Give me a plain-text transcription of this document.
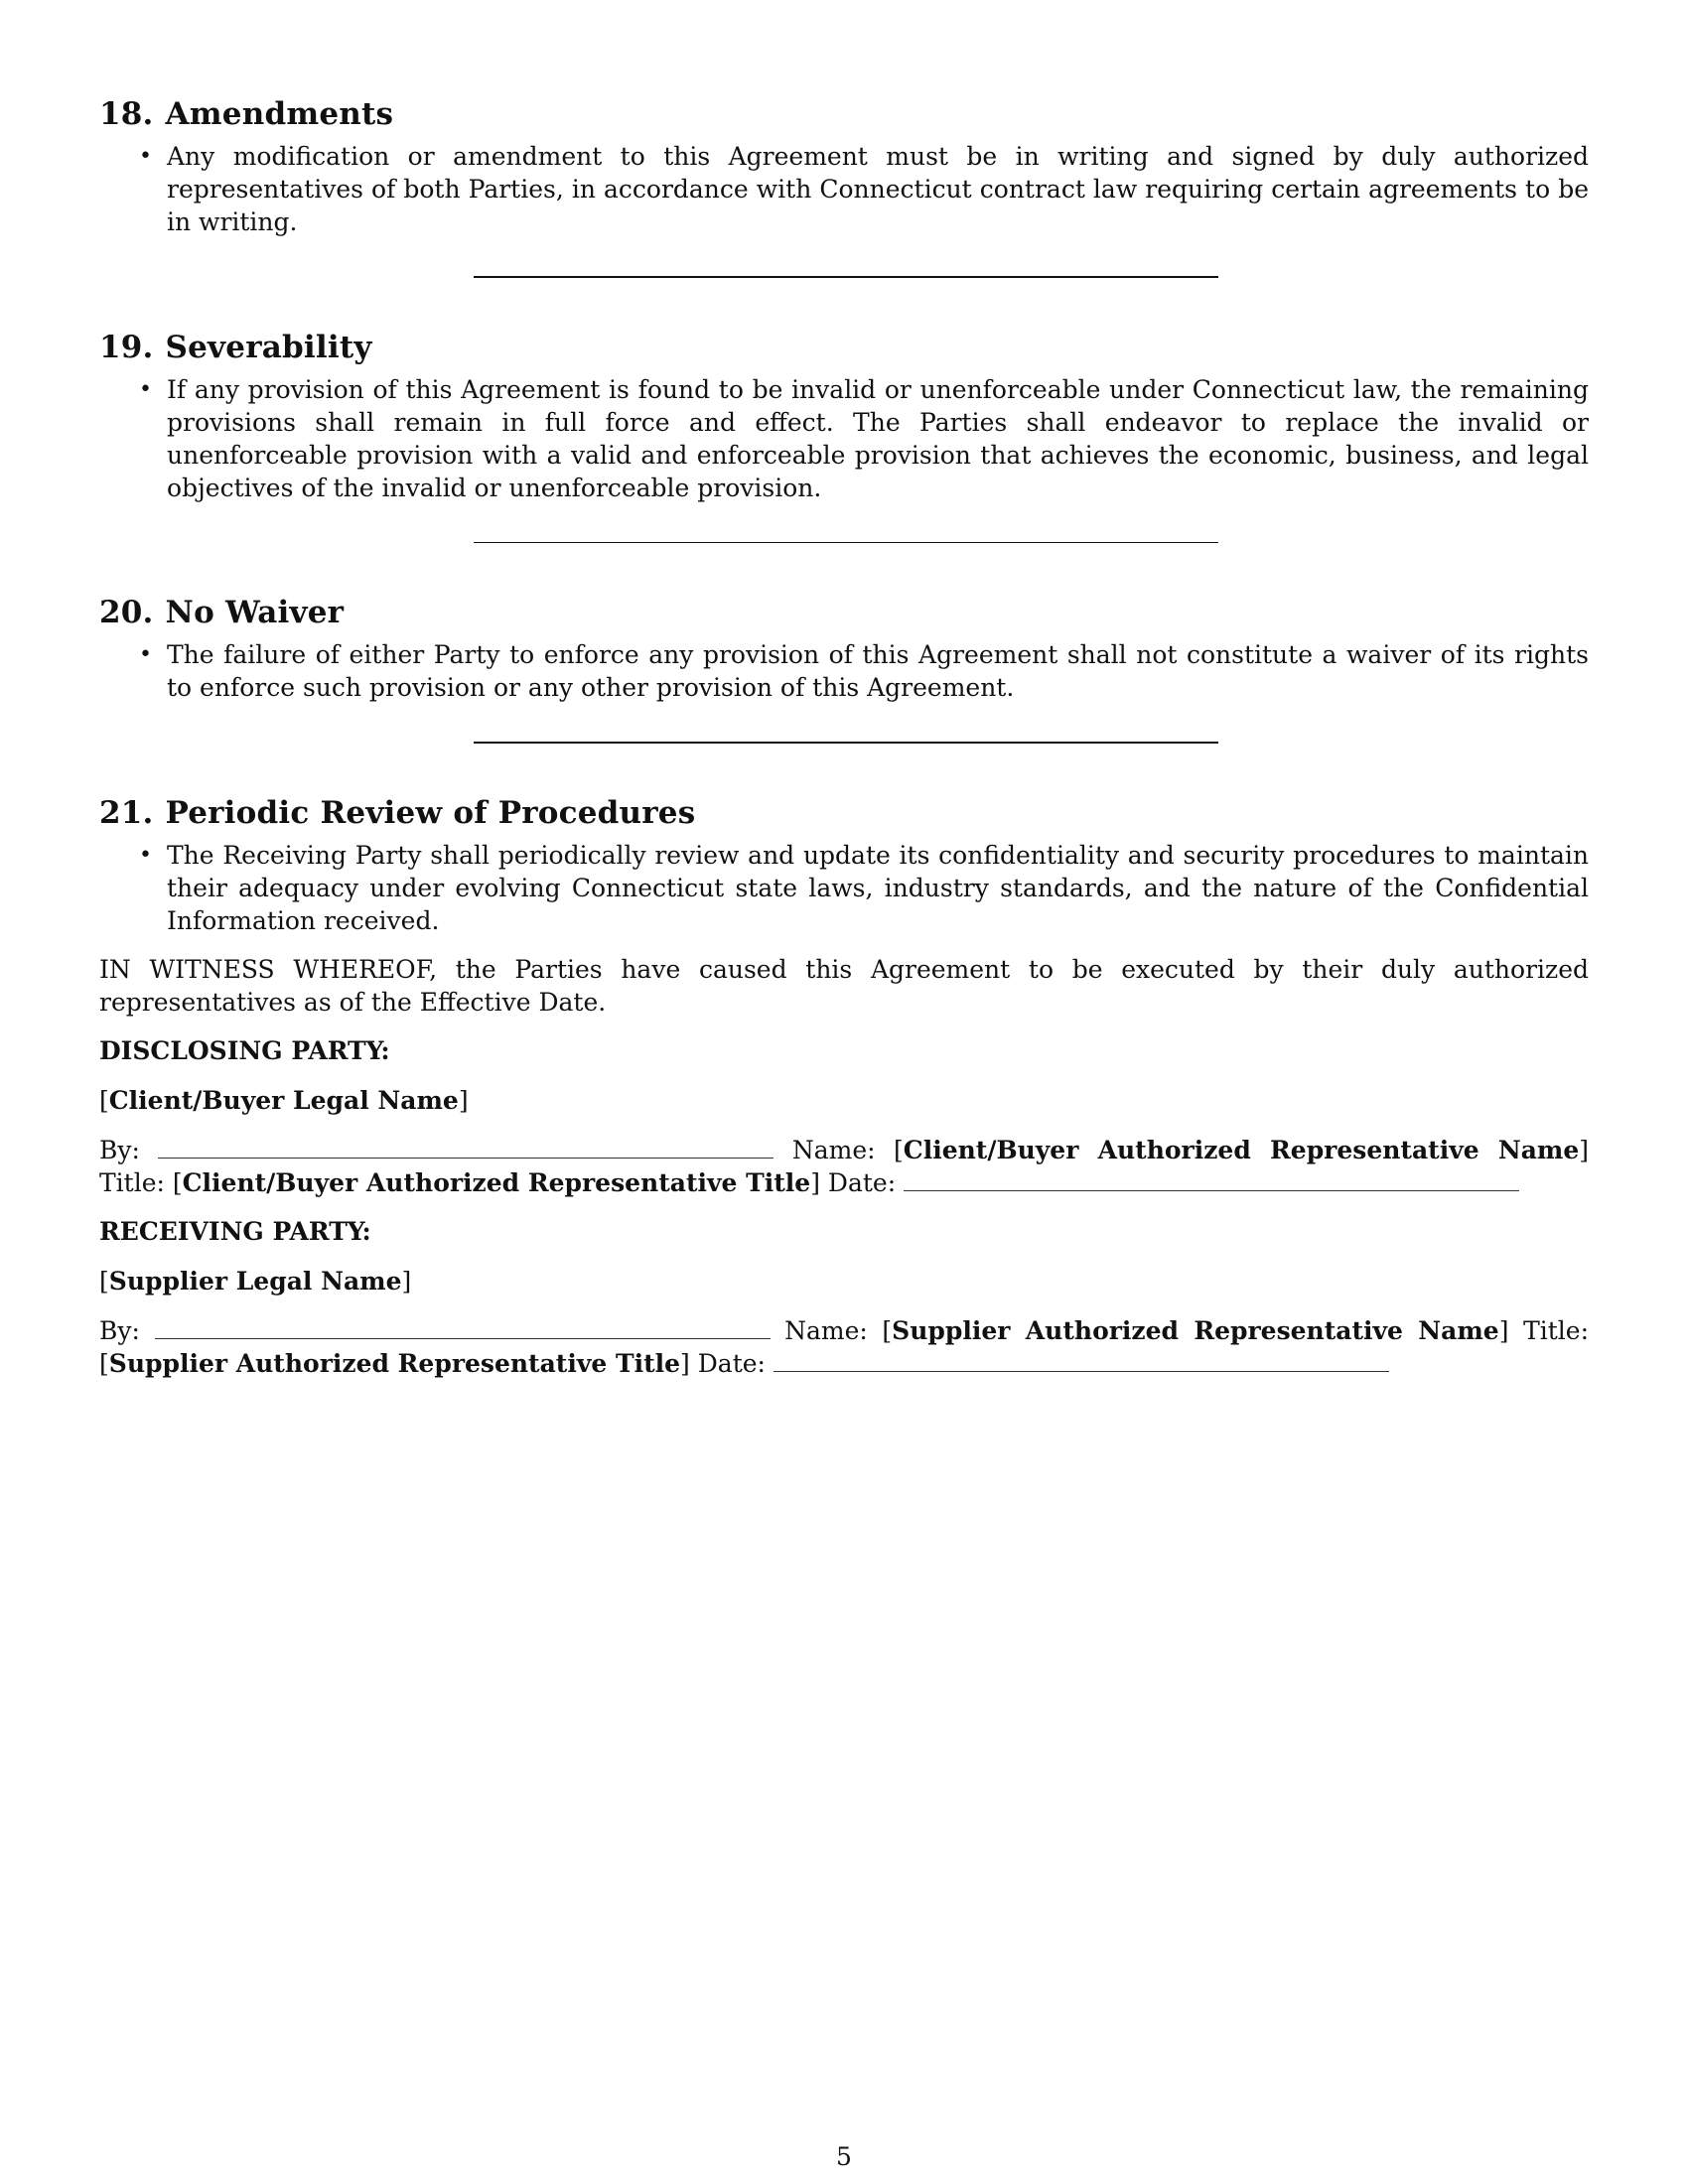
18. Amendments
• Any modification or amendment to this Agreement must be in writing and signed by duly authorized representatives of both Parties, in accordance with Connecticut contract law requiring certain agreements to be in writing.
19. Severability
• If any provision of this Agreement is found to be invalid or unenforceable under Connecticut law, the remaining provisions shall remain in full force and effect. The Parties shall endeavor to replace the invalid or unenforceable provision with a valid and enforceable provision that achieves the economic, business, and legal objectives of the invalid or unenforceable provision.
20. No Waiver
• The failure of either Party to enforce any provision of this Agreement shall not constitute a waiver of its rights to enforce such provision or any other provision of this Agreement.
21. Periodic Review of Procedures
• The Receiving Party shall periodically review and update its confidentiality and security procedures to maintain their adequacy under evolving Connecticut state laws, industry standards, and the nature of the Confidential Information received.

IN WITNESS WHEREOF, the Parties have caused this Agreement to be executed by their duly authorized representatives as of the Effective Date.

DISCLOSING PARTY:

[Client/Buyer Legal Name]

By:	Name: [Client/Buyer Authorized Representative Name] Title: [Client/Buyer Authorized Representative Title] Date:

RECEIVING PARTY:

[Supplier Legal Name]

By:	Name: [Supplier Authorized Representative Name] Title: [Supplier Authorized Representative Title] Date:

5
